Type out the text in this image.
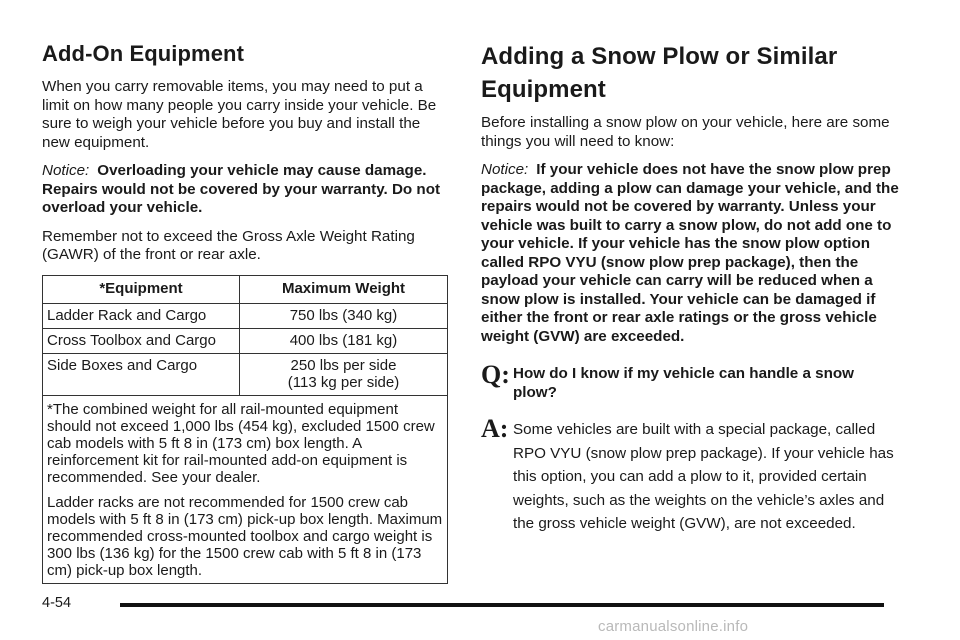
Add-On Equipment

When you carry removable items, you may need to put a limit on how many people you carry inside your vehicle. Be sure to weigh your vehicle before you buy and install the new equipment.

Notice: Overloading your vehicle may cause damage. Repairs would not be covered by your warranty. Do not overload your vehicle.

Remember not to exceed the Gross Axle Weight Rating (GAWR) of the front or rear axle.

*Equipment	Maximum Weight
Ladder Rack and Cargo	750 lbs (340 kg)
Cross Toolbox and Cargo	400 lbs (181 kg)
Side Boxes and Cargo	250 lbs per side
(113 kg per side)

*The combined weight for all rail-mounted equipment should not exceed 1,000 lbs (454 kg), excluded 1500 crew cab models with 5 ft 8 in (173 cm) box length. A reinforcement kit for rail-mounted add-on equipment is recommended. See your dealer.

Ladder racks are not recommended for 1500 crew cab models with 5 ft 8 in (173 cm) pick-up box length. Maximum recommended cross-mounted toolbox and cargo weight is 300 lbs (136 kg) for the 1500 crew cab with 5 ft 8 in (173 cm) pick-up box length.	

Adding a Snow Plow or Similar Equipment

Before installing a snow plow on your vehicle, here are some things you will need to know:

Notice: If your vehicle does not have the snow plow prep package, adding a plow can damage your vehicle, and the repairs would not be covered by warranty. Unless your vehicle was built to carry a snow plow, do not add one to your vehicle. If your vehicle has the snow plow option called RPO VYU (snow plow prep package), then the payload your vehicle can carry will be reduced when a snow plow is installed. Your vehicle can be damaged if either the front or rear axle ratings or the gross vehicle weight (GVW) are exceeded.

Q: How do I know if my vehicle can handle a snow plow?
A: Some vehicles are built with a special package, called RPO VYU (snow plow prep package). If your vehicle has this option, you can add a plow to it, provided certain weights, such as the weights on the vehicle’s axles and the gross vehicle weight (GVW), are not exceeded.
4-54
carmanualsonline.info
